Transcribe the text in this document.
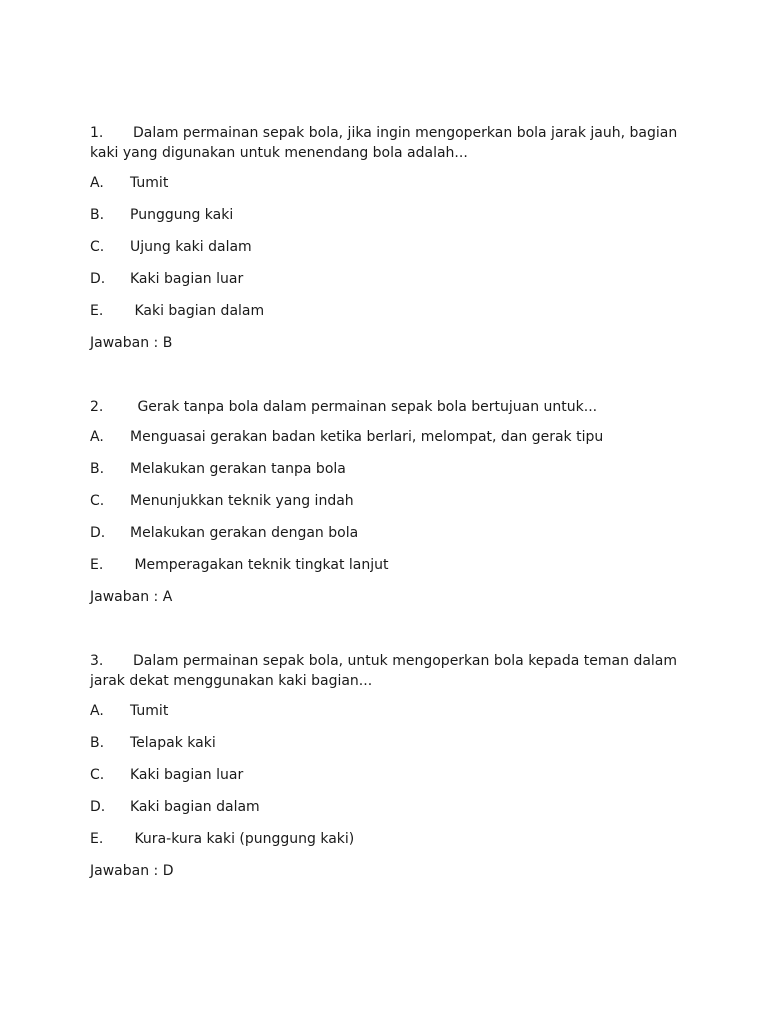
1. Dalam permainan sepak bola, jika ingin mengoperkan bola jarak jauh, bagian kaki yang digunakan untuk menendang bola adalah...
A. Tumit
B. Punggung kaki
C. Ujung kaki dalam
D. Kaki bagian luar
E. Kaki bagian dalam
Jawaban : B
2. Gerak tanpa bola dalam permainan sepak bola bertujuan untuk...
A. Menguasai gerakan badan ketika berlari, melompat, dan gerak tipu
B. Melakukan gerakan tanpa bola
C. Menunjukkan teknik yang indah
D. Melakukan gerakan dengan bola
E. Memperagakan teknik tingkat lanjut
Jawaban : A
3. Dalam permainan sepak bola, untuk mengoperkan bola kepada teman dalam jarak dekat menggunakan kaki bagian...
A. Tumit
B. Telapak kaki
C. Kaki bagian luar
D. Kaki bagian dalam
E. Kura-kura kaki (punggung kaki)
Jawaban : D
